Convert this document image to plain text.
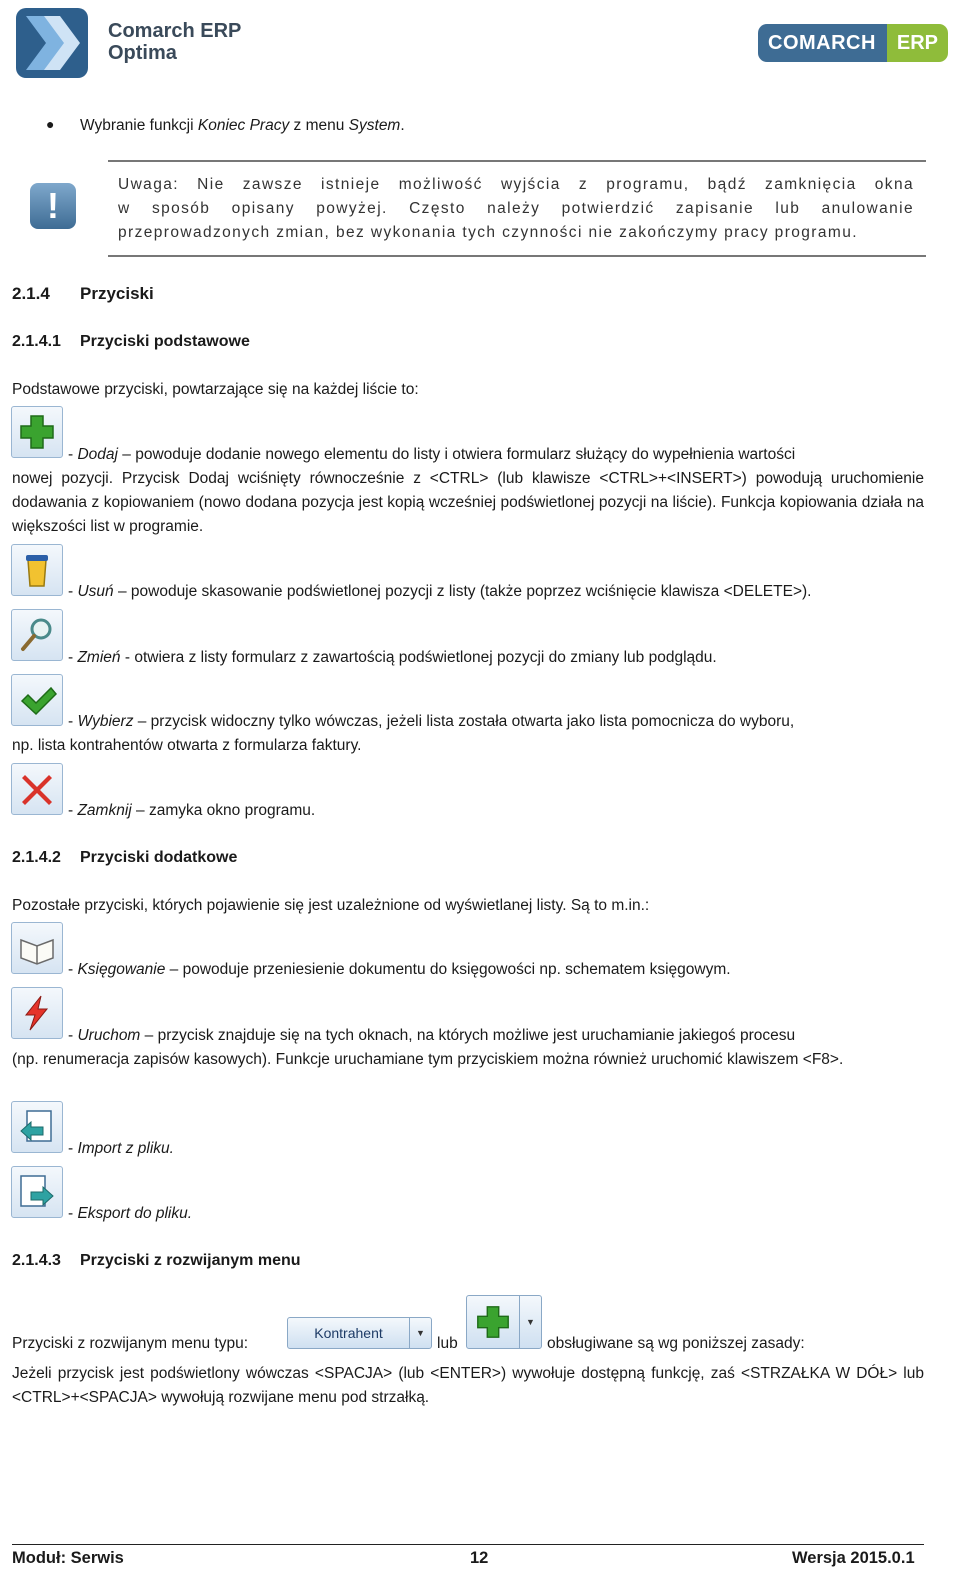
Comarch ERP
Optima	COMARCH	ERP
● Wybranie funkcji Koniec Pracy z menu System.
!
Uwaga: Nie zawsze istnieje możliwość wyjścia z programu, bądź zamknięcia okna
w sposób opisany powyżej. Często należy potwierdzić zapisanie lub anulowanie
przeprowadzonych zmian, bez wykonania tych czynności nie zakończymy pracy programu.
2.1.4 Przyciski
2.1.4.1 Przyciski podstawowe
Podstawowe przyciski, powtarzające się na każdej liście to:
- Dodaj – powoduje dodanie nowego elementu do listy i otwiera formularz służący do wypełnienia wartości
nowej pozycji. Przycisk Dodaj wciśnięty równocześnie z <CTRL> (lub klawisze <CTRL>+<INSERT>) powodują uruchomienie dodawania z kopiowaniem (nowo dodana pozycja jest kopią wcześniej podświetlonej pozycji na liście). Funkcja kopiowania działa na większości list w programie.
- Usuń – powoduje skasowanie podświetlonej pozycji z listy (także poprzez wciśnięcie klawisza <DELETE>).
- Zmień - otwiera z listy formularz z zawartością podświetlonej pozycji do zmiany lub podglądu.
- Wybierz – przycisk widoczny tylko wówczas, jeżeli lista została otwarta jako lista pomocnicza do wyboru,
np. lista kontrahentów otwarta z formularza faktury.
- Zamknij – zamyka okno programu.
2.1.4.2 Przyciski dodatkowe
Pozostałe przyciski, których pojawienie się jest uzależnione od wyświetlanej listy. Są to m.in.:
- Księgowanie – powoduje przeniesienie dokumentu do księgowości np. schematem księgowym.
- Uruchom – przycisk znajduje się na tych oknach, na których możliwe jest uruchamianie jakiegoś procesu
(np. renumeracja zapisów kasowych). Funkcje uruchamiane tym przyciskiem można również uruchomić klawiszem <F8>.
- Import z pliku.
- Eksport do pliku.
2.1.4.3 Przyciski z rozwijanym menu
Przyciski z rozwijanym menu typu:
Kontrahent	▼
lub
▼
obsługiwane są wg poniższej zasady:
Jeżeli przycisk jest podświetlony wówczas <SPACJA> (lub <ENTER>) wywołuje dostępną funkcję, zaś <STRZAŁKA W DÓŁ> lub <CTRL>+<SPACJA> wywołują rozwijane menu pod strzałką.
Moduł: Serwis	12	Wersja 2015.0.1
